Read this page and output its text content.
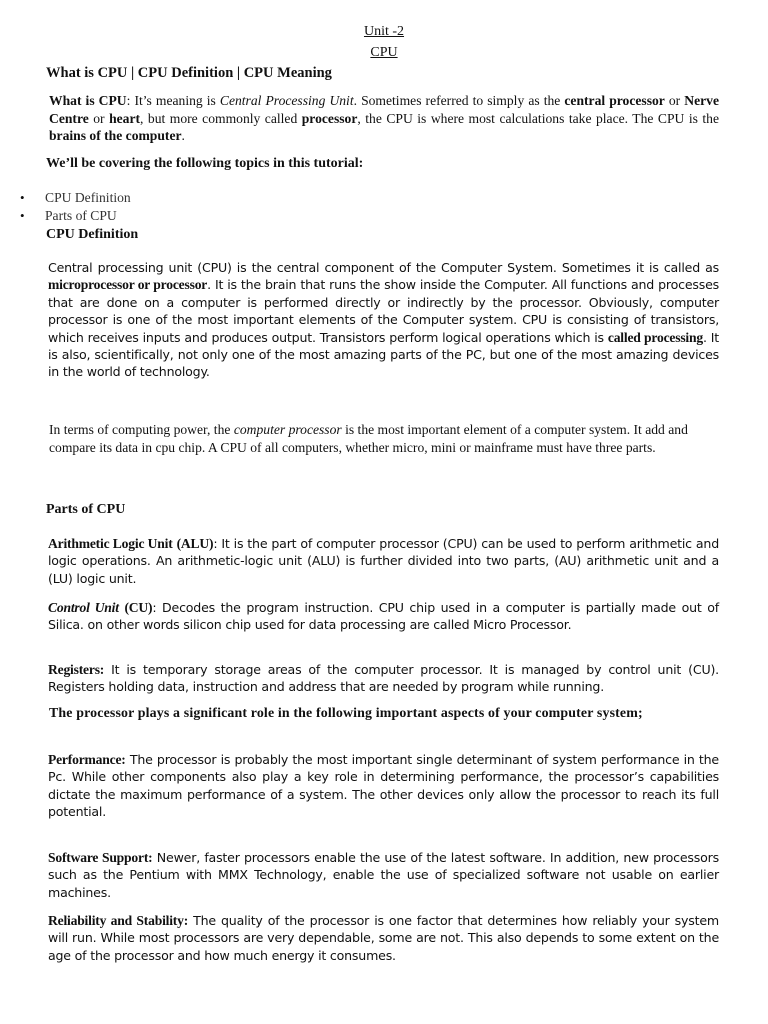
Unit -2
CPU
What is CPU | CPU Definition | CPU Meaning
What is CPU: It’s meaning is Central Processing Unit. Sometimes referred to simply as the central processor or Nerve Centre or heart, but more commonly called processor, the CPU is where most calculations take place. The CPU is the brains of the computer.
We’ll be covering the following topics in this tutorial:
• CPU Definition
• Parts of CPU
CPU Definition
Central processing unit (CPU) is the central component of the Computer System. Sometimes it is called as microprocessor or processor. It is the brain that runs the show inside the Computer. All functions and processes that are done on a computer is performed directly or indirectly by the processor. Obviously, computer processor is one of the most important elements of the Computer system. CPU is consisting of transistors, which receives inputs and produces output. Transistors perform logical operations which is called processing. It is also, scientifically, not only one of the most amazing parts of the PC, but one of the most amazing devices in the world of technology.
In terms of computing power, the computer processor is the most important element of a computer system. It add and compare its data in cpu chip. A CPU of all computers, whether micro, mini or mainframe must have three parts.
Parts of CPU
Arithmetic Logic Unit (ALU): It is the part of computer processor (CPU) can be used to perform arithmetic and logic operations. An arithmetic-logic unit (ALU) is further divided into two parts, (AU) arithmetic unit and a (LU) logic unit.
Control Unit (CU): Decodes the program instruction. CPU chip used in a computer is partially made out of Silica. on other words silicon chip used for data processing are called Micro Processor.
Registers: It is temporary storage areas of the computer processor. It is managed by control unit (CU). Registers holding data, instruction and address that are needed by program while running.
The processor plays a significant role in the following important aspects of your computer system;
Performance: The processor is probably the most important single determinant of system performance in the Pc. While other components also play a key role in determining performance, the processor’s capabilities dictate the maximum performance of a system. The other devices only allow the processor to reach its full potential.
Software Support: Newer, faster processors enable the use of the latest software. In addition, new processors such as the Pentium with MMX Technology, enable the use of specialized software not usable on earlier machines.
Reliability and Stability: The quality of the processor is one factor that determines how reliably your system will run. While most processors are very dependable, some are not. This also depends to some extent on the age of the processor and how much energy it consumes.
